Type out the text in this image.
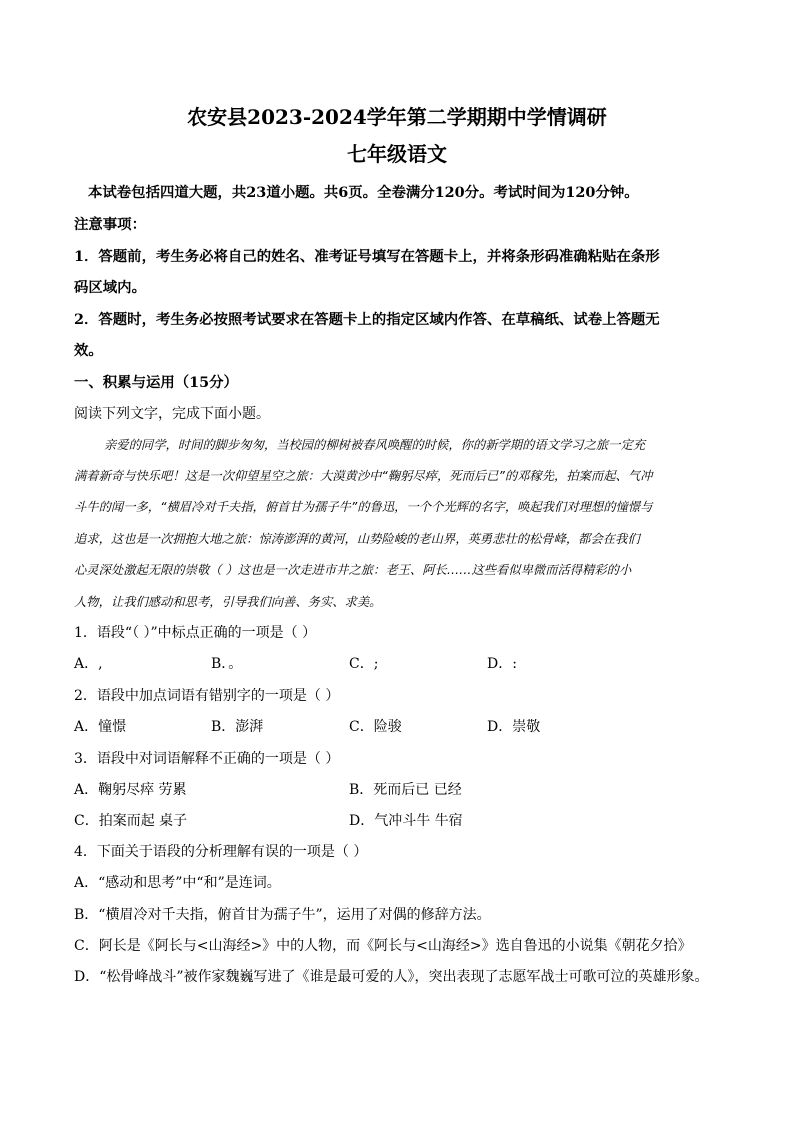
农安县2023-2024学年第二学期期中学情调研
七年级语文
本试卷包括四道大题，共23道小题。共6页。全卷满分120分。考试时间为120分钟。
注意事项：
1．答题前，考生务必将自己的姓名、准考证号填写在答题卡上，并将条形码准确粘贴在条形
码区域内。
2．答题时，考生务必按照考试要求在答题卡上的指定区域内作答、在草稿纸、试卷上答题无
效。
一、积累与运用（15分）
阅读下列文字，完成下面小题。
亲爱的同学，时间的脚步匆匆，当校园的柳树被春风唤醒的时候，你的新学期的语文学习之旅一定充
满着新奇与快乐吧！这是一次仰望星空之旅：大漠黄沙中“鞠躬尽瘁，死而后已”的邓稼先，拍案而起、气冲
斗牛的闻一多，“横眉冷对千夫指，俯首甘为孺子牛”的鲁迅，一个个光辉的名字，唤起我们对理想的憧憬与
追求，这也是一次拥抱大地之旅：惊涛澎湃的黄河，山势险峻的老山界，英勇悲壮的松骨峰，都会在我们
心灵深处激起无限的崇敬（ ）这也是一次走进市井之旅：老王、阿长……这些看似卑微而活得精彩的小
人物，让我们感动和思考，引导我们向善、务实、求美。
1．语段“（ ）”中标点正确的一项是（ ）
A．,	B．。	C．;	D．:
2．语段中加点词语有错别字的一项是（ ）
A．憧憬	B．澎湃	C．险骏	D．崇敬
3．语段中对词语解释不正确的一项是（ ）
A．鞠躬尽瘁 劳累	B．死而后已 已经
C．拍案而起 桌子	D．气冲斗牛 牛宿
4．下面关于语段的分析理解有误的一项是（ ）
A．“感动和思考”中“和”是连词。
B．“横眉冷对千夫指，俯首甘为孺子牛”，运用了对偶的修辞方法。
C．阿长是《阿长与<山海经>》中的人物，而《阿长与<山海经>》选自鲁迅的小说集《朝花夕拾》
D．“松骨峰战斗”被作家魏巍写进了《谁是最可爱的人》，突出表现了志愿军战士可歌可泣的英雄形象。
